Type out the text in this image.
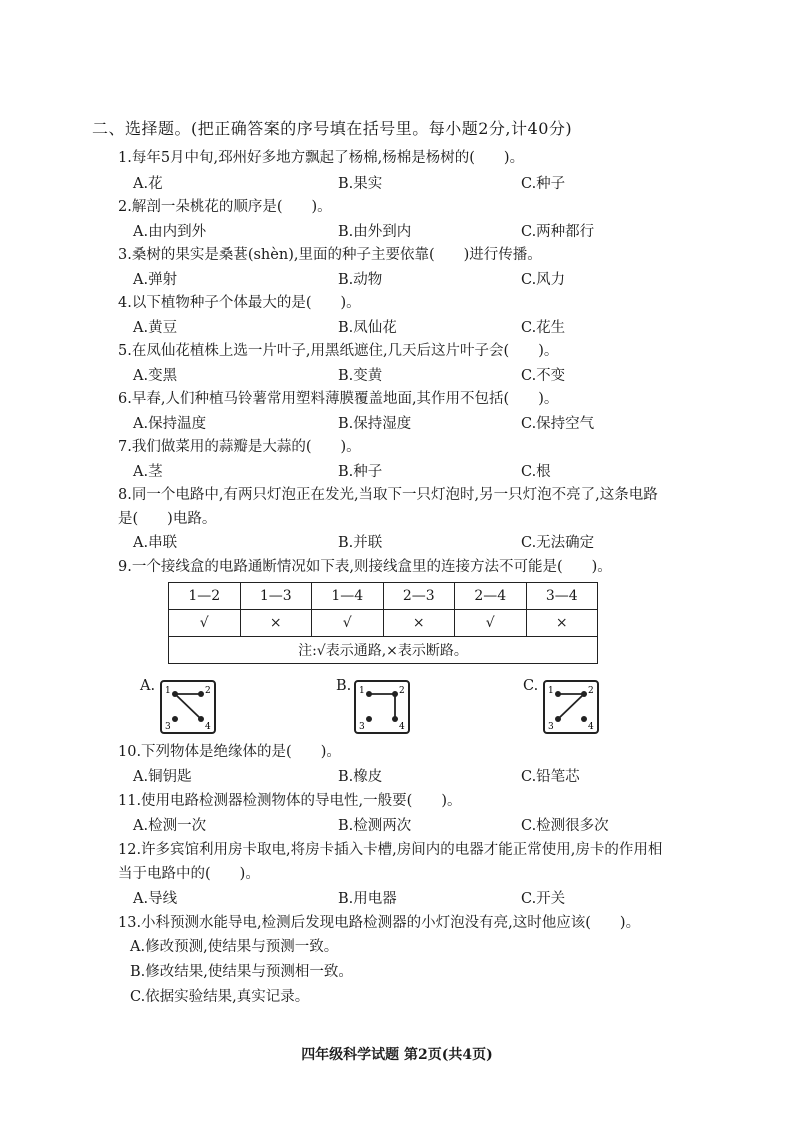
二、选择题。(把正确答案的序号填在括号里。每小题2分,计40分)
1.每年5月中旬,邳州好多地方飘起了杨棉,杨棉是杨树的(　　)。
A.花	B.果实	C.种子
2.解剖一朵桃花的顺序是(　　)。
A.由内到外	B.由外到内	C.两种都行
3.桑树的果实是桑葚(shèn),里面的种子主要依靠(　　)进行传播。
A.弹射	B.动物	C.风力
4.以下植物种子个体最大的是(　　)。
A.黄豆	B.凤仙花	C.花生
5.在凤仙花植株上选一片叶子,用黑纸遮住,几天后这片叶子会(　　)。
A.变黑	B.变黄	C.不变
6.早春,人们种植马铃薯常用塑料薄膜覆盖地面,其作用不包括(　　)。
A.保持温度	B.保持湿度	C.保持空气
7.我们做菜用的蒜瓣是大蒜的(　　)。
A.茎	B.种子	C.根
8.同一个电路中,有两只灯泡正在发光,当取下一只灯泡时,另一只灯泡不亮了,这条电路
是(　　)电路。
A.串联	B.并联	C.无法确定
9.一个接线盒的电路通断情况如下表,则接线盒里的连接方法不可能是(　　)。
1—2	1—3	1—4	2—3	2—4	3—4
√	×	√	×	√	×
注:√表示通路,×表示断路。					
A. 1	2
3	4
B. 1	2
3	4
C. 1	2
3	4
10.下列物体是绝缘体的是(　　)。
A.铜钥匙	B.橡皮	C.铅笔芯
11.使用电路检测器检测物体的导电性,一般要(　　)。
A.检测一次	B.检测两次	C.检测很多次
12.许多宾馆利用房卡取电,将房卡插入卡槽,房间内的电器才能正常使用,房卡的作用相
当于电路中的(　　)。
A.导线	B.用电器	C.开关
13.小科预测水能导电,检测后发现电路检测器的小灯泡没有亮,这时他应该(　　)。
A.修改预测,使结果与预测一致。
B.修改结果,使结果与预测相一致。
C.依据实验结果,真实记录。
四年级科学试题 第2页(共4页)
